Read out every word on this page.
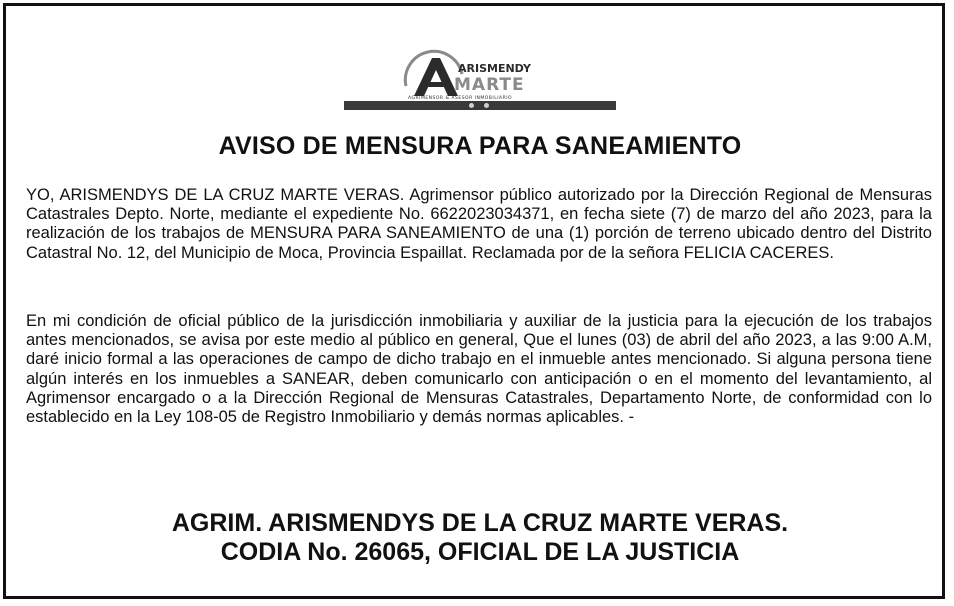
ARISMENDY
MARTE
AGRIMENSOR & ASESOR INMOBILIARIO
AVISO DE MENSURA PARA SANEAMIENTO

YO, ARISMENDYS DE LA CRUZ MARTE VERAS. Agrimensor público autorizado por la Dirección Regional de Mensuras Catastrales Depto. Norte, mediante el expediente No. 6622023034371, en fecha siete (7) de marzo del año 2023, para la realización de los trabajos de MENSURA PARA SANEAMIENTO de una (1) porción de terreno ubicado dentro del Distrito Catastral No. 12, del Municipio de Moca, Provincia Espaillat. Reclamada por de la señora FELICIA CACERES.

En mi condición de oficial público de la jurisdicción inmobiliaria y auxiliar de la justicia para la ejecución de los trabajos antes mencionados, se avisa por este medio al público en general, Que el lunes (03) de abril del año 2023, a las 9:00 A.M, daré inicio formal a las operaciones de campo de dicho trabajo en el inmueble antes mencionado. Si alguna persona tiene algún interés en los inmuebles a SANEAR, deben comunicarlo con anticipación o en el momento del levantamiento, al Agrimensor encargado o a la Dirección Regional de Mensuras Catastrales, Departamento Norte, de conformidad con lo establecido en la Ley 108-05 de Registro Inmobiliario y demás normas aplicables. -

AGRIM. ARISMENDYS DE LA CRUZ MARTE VERAS.

CODIA No. 26065, OFICIAL DE LA JUSTICIA
